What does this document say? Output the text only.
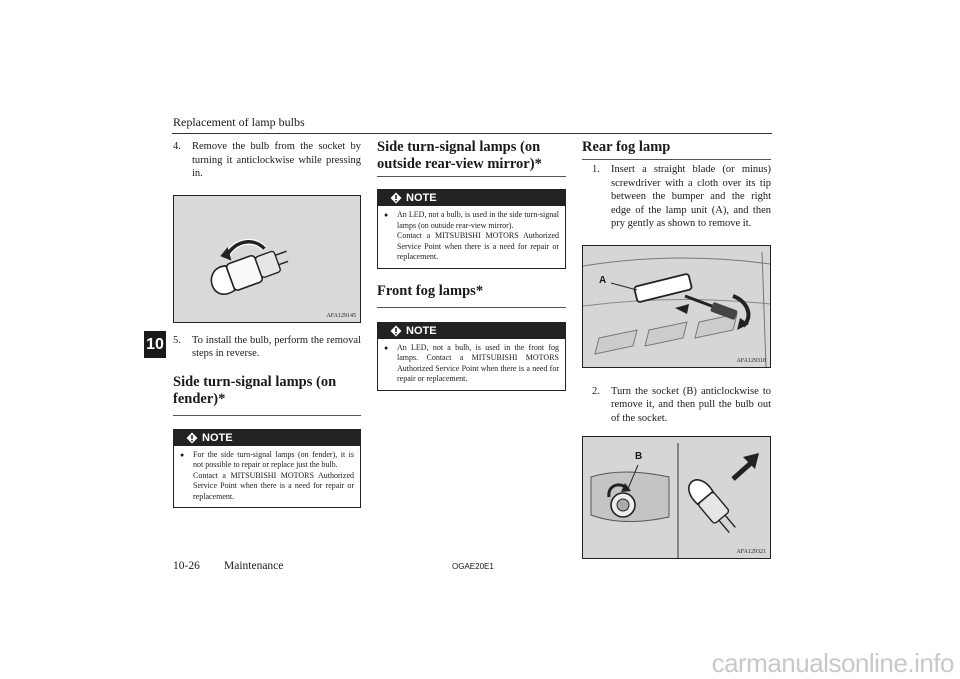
Replacement of lamp bulbs
10
4.	Remove the bulb from the socket by turning it anticlockwise while pressing in.
AFA129145
5.	To install the bulb, perform the removal steps in reverse.
Side turn-signal lamps (on fender)*
NOTE
●	For the side turn-signal lamps (on fender), it is not possible to repair or replace just the bulb.
Contact a MITSUBISHI MOTORS Authorized Service Point when there is a need for repair or replacement.
Side turn-signal lamps (on outside rear-view mirror)*
NOTE
●	An LED, not a bulb, is used in the side turn-signal lamps (on outside rear-view mirror).
Contact a MITSUBISHI MOTORS Authorized Service Point when there is a need for repair or replacement.
Front fog lamps*
NOTE
●	An LED, not a bulb, is used in the front fog lamps. Contact a MITSUBISHI MOTORS Authorized Service Point when there is a need for repair or replacement.
Rear fog lamp
1.	Insert a straight blade (or minus) screwdriver with a cloth over its tip between the bumper and the right edge of the lamp unit (A), and then pry gently as shown to remove it.
A
AFA129318
2.	Turn the socket (B) anticlockwise to remove it, and then pull the bulb out of the socket.
B
AFA129321
10-26 Maintenance	OGAE20E1
carmanualsonline.info
